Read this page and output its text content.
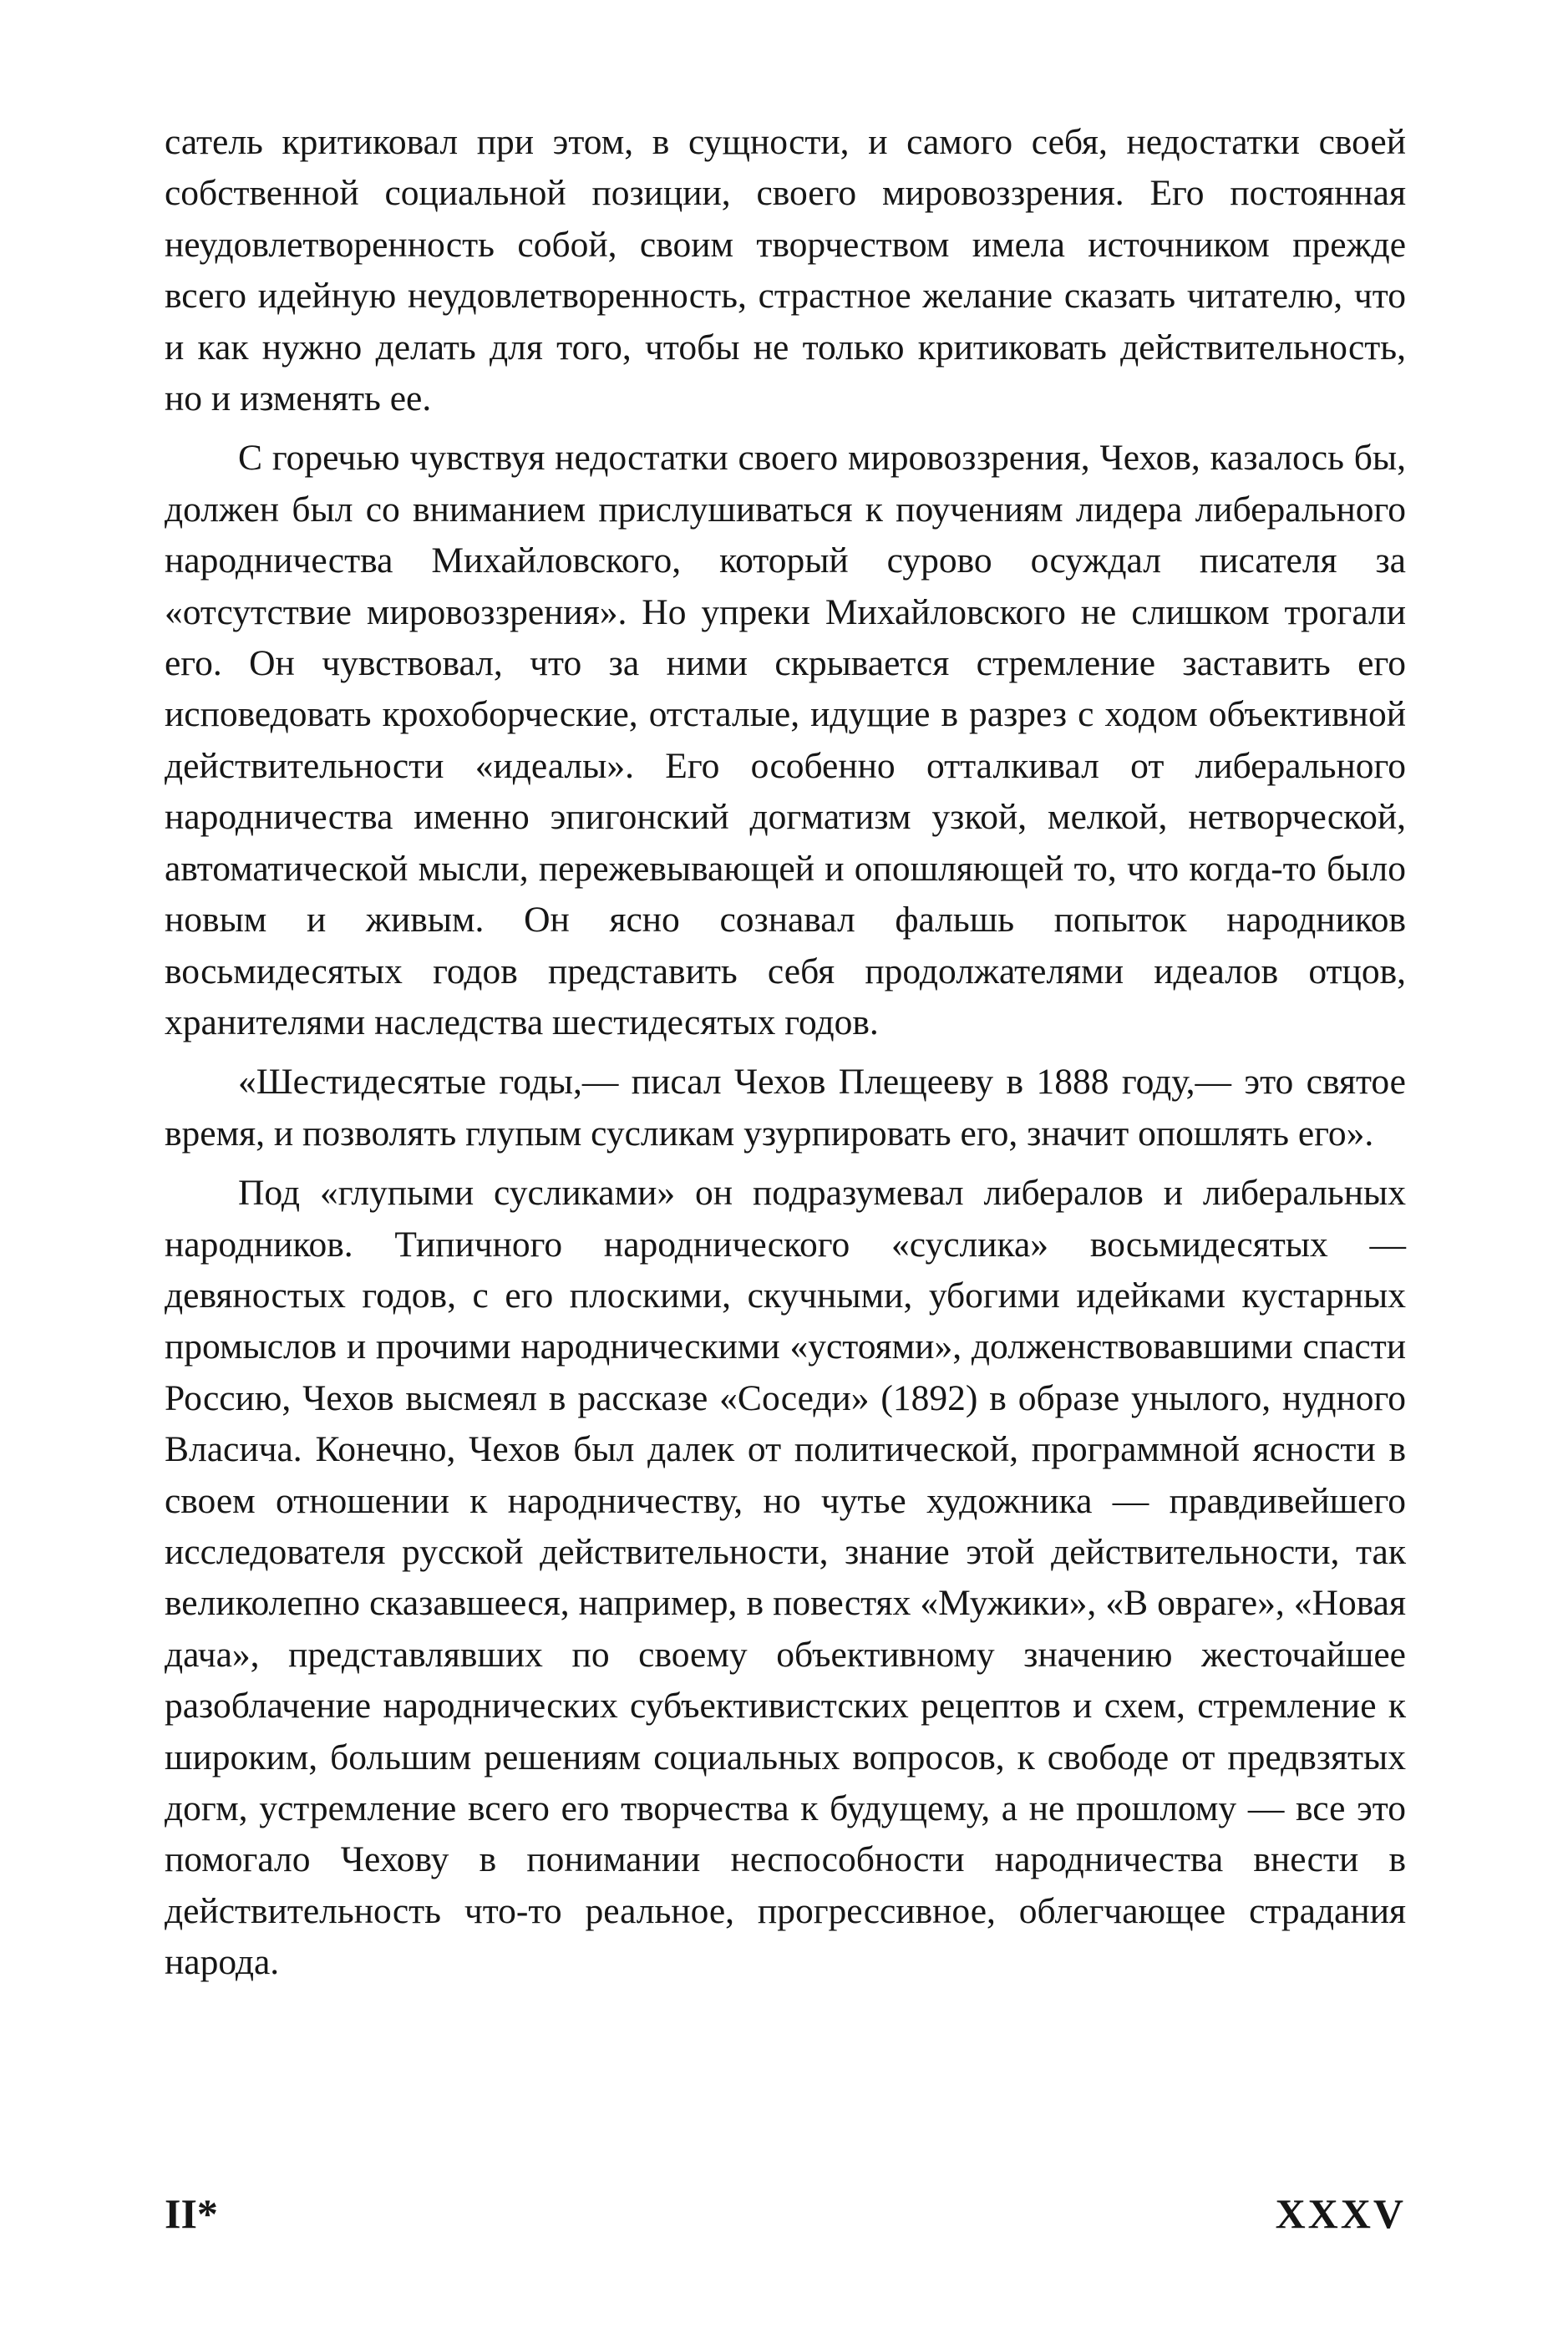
сатель критиковал при этом, в сущности, и самого себя, недостатки своей собственной социальной позиции, своего мировоззрения. Его постоянная неудовлетворенность собой, своим творчеством имела источником прежде всего идейную неудовлетворенность, страстное желание сказать читателю, что и как нужно делать для того, чтобы не только критиковать действительность, но и изменять ее.

С горечью чувствуя недостатки своего мировоззрения, Чехов, казалось бы, должен был со вниманием прислушиваться к поучениям лидера либерального народничества Михайловского, который сурово осуждал писателя за «отсутствие мировоззрения». Но упреки Михайловского не слишком трогали его. Он чувствовал, что за ними скрывается стремление заставить его исповедовать крохоборческие, отсталые, идущие в разрез с ходом объективной действительности «идеалы». Его особенно отталкивал от либерального народничества именно эпигонский догматизм узкой, мелкой, нетворческой, автоматической мысли, пережевывающей и опошляющей то, что когда-то было новым и живым. Он ясно сознавал фальшь попыток народников восьмидесятых годов представить себя продолжателями идеалов отцов, хранителями наследства шестидесятых годов.

«Шестидесятые годы,— писал Чехов Плещееву в 1888 году,— это святое время, и позволять глупым сусликам узурпировать его, значит опошлять его».

Под «глупыми сусликами» он подразумевал либералов и либеральных народников. Типичного народнического «суслика» восьмидесятых — девяностых годов, с его плоскими, скучными, убогими идейками кустарных промыслов и прочими народническими «устоями», долженствовавшими спасти Россию, Чехов высмеял в рассказе «Соседи» (1892) в образе унылого, нудного Власича. Конечно, Чехов был далек от политической, программной ясности в своем отношении к народничеству, но чутье художника — правдивейшего исследователя русской действительности, знание этой действительности, так великолепно сказавшееся, например, в повестях «Мужики», «В овраге», «Новая дача», представлявших по своему объективному значению жесточайшее разоблачение народнических субъективистских рецептов и схем, стремление к широким, большим решениям социальных вопросов, к свободе от предвзятых догм, устремление всего его творчества к будущему, а не прошлому — все это помогало Чехову в понимании неспособности народничества внести в действительность что-то реальное, прогрессивное, облегчающее страдания народа.

II*	XXXV
